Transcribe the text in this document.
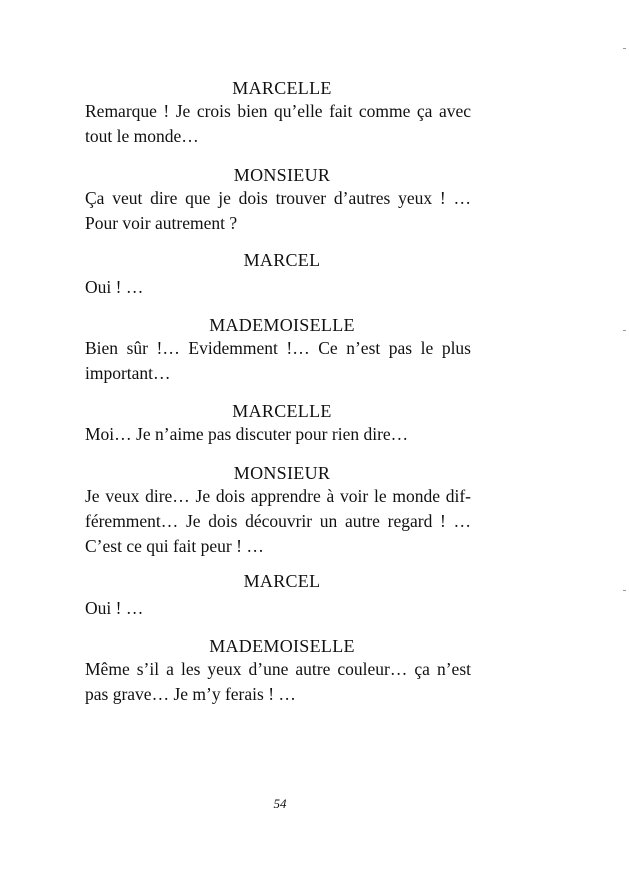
MARCELLE
Remarque ! Je crois bien qu’elle fait comme ça avec
tout le monde…
MONSIEUR
Ça veut dire que je dois trouver d’autres yeux ! …
Pour voir autrement ?
MARCEL
Oui ! …
MADEMOISELLE
Bien sûr !… Evidemment !… Ce n’est pas le plus
important…
MARCELLE
Moi… Je n’aime pas discuter pour rien dire…
MONSIEUR
Je veux dire… Je dois apprendre à voir le monde dif-
féremment… Je dois découvrir un autre regard ! …
C’est ce qui fait peur ! …
MARCEL
Oui ! …
MADEMOISELLE
Même s’il a les yeux d’une autre couleur… ça n’est
pas grave… Je m’y ferais ! …
54
